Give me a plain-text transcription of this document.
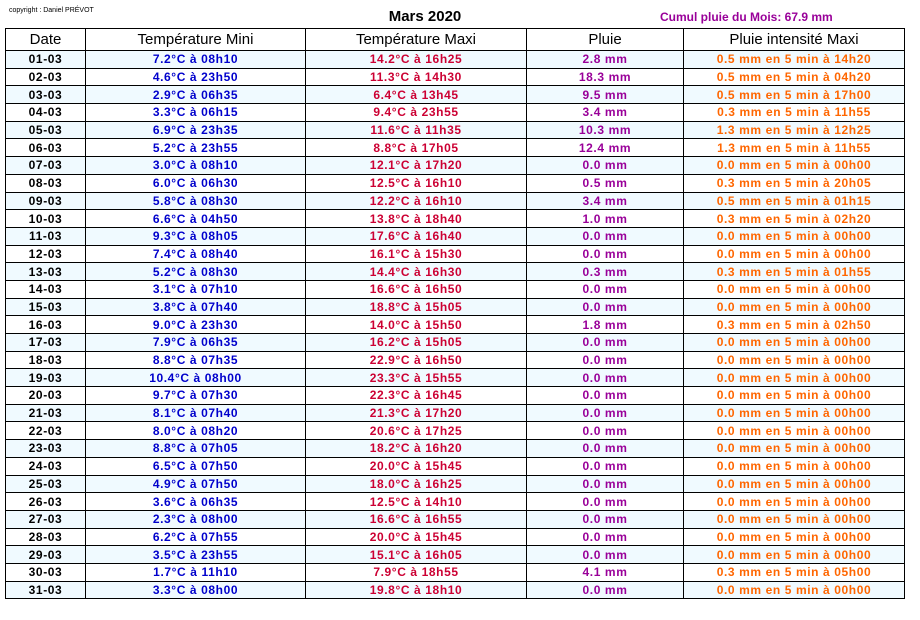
copyright : Daniel PRÉVOT	Mars 2020	Cumul pluie du Mois: 67.9 mm
Date	Température Mini	Température Maxi	Pluie	Pluie intensité Maxi
01-03	7.2°C à 08h10	14.2°C à 16h25	2.8 mm	0.5 mm en 5 min à 14h20
02-03	4.6°C à 23h50	11.3°C à 14h30	18.3 mm	0.5 mm en 5 min à 04h20
03-03	2.9°C à 06h35	6.4°C à 13h45	9.5 mm	0.5 mm en 5 min à 17h00
04-03	3.3°C à 06h15	9.4°C à 23h55	3.4 mm	0.3 mm en 5 min à 11h55
05-03	6.9°C à 23h35	11.6°C à 11h35	10.3 mm	1.3 mm en 5 min à 12h25
06-03	5.2°C à 23h55	8.8°C à 17h05	12.4 mm	1.3 mm en 5 min à 11h55
07-03	3.0°C à 08h10	12.1°C à 17h20	0.0 mm	0.0 mm en 5 min à 00h00
08-03	6.0°C à 06h30	12.5°C à 16h10	0.5 mm	0.3 mm en 5 min à 20h05
09-03	5.8°C à 08h30	12.2°C à 16h10	3.4 mm	0.5 mm en 5 min à 01h15
10-03	6.6°C à 04h50	13.8°C à 18h40	1.0 mm	0.3 mm en 5 min à 02h20
11-03	9.3°C à 08h05	17.6°C à 16h40	0.0 mm	0.0 mm en 5 min à 00h00
12-03	7.4°C à 08h40	16.1°C à 15h30	0.0 mm	0.0 mm en 5 min à 00h00
13-03	5.2°C à 08h30	14.4°C à 16h30	0.3 mm	0.3 mm en 5 min à 01h55
14-03	3.1°C à 07h10	16.6°C à 16h50	0.0 mm	0.0 mm en 5 min à 00h00
15-03	3.8°C à 07h40	18.8°C à 15h05	0.0 mm	0.0 mm en 5 min à 00h00
16-03	9.0°C à 23h30	14.0°C à 15h50	1.8 mm	0.3 mm en 5 min à 02h50
17-03	7.9°C à 06h35	16.2°C à 15h05	0.0 mm	0.0 mm en 5 min à 00h00
18-03	8.8°C à 07h35	22.9°C à 16h50	0.0 mm	0.0 mm en 5 min à 00h00
19-03	10.4°C à 08h00	23.3°C à 15h55	0.0 mm	0.0 mm en 5 min à 00h00
20-03	9.7°C à 07h30	22.3°C à 16h45	0.0 mm	0.0 mm en 5 min à 00h00
21-03	8.1°C à 07h40	21.3°C à 17h20	0.0 mm	0.0 mm en 5 min à 00h00
22-03	8.0°C à 08h20	20.6°C à 17h25	0.0 mm	0.0 mm en 5 min à 00h00
23-03	8.8°C à 07h05	18.2°C à 16h20	0.0 mm	0.0 mm en 5 min à 00h00
24-03	6.5°C à 07h50	20.0°C à 15h45	0.0 mm	0.0 mm en 5 min à 00h00
25-03	4.9°C à 07h50	18.0°C à 16h25	0.0 mm	0.0 mm en 5 min à 00h00
26-03	3.6°C à 06h35	12.5°C à 14h10	0.0 mm	0.0 mm en 5 min à 00h00
27-03	2.3°C à 08h00	16.6°C à 16h55	0.0 mm	0.0 mm en 5 min à 00h00
28-03	6.2°C à 07h55	20.0°C à 15h45	0.0 mm	0.0 mm en 5 min à 00h00
29-03	3.5°C à 23h55	15.1°C à 16h05	0.0 mm	0.0 mm en 5 min à 00h00
30-03	1.7°C à 11h10	7.9°C à 18h55	4.1 mm	0.3 mm en 5 min à 05h00
31-03	3.3°C à 08h00	19.8°C à 18h10	0.0 mm	0.0 mm en 5 min à 00h00
